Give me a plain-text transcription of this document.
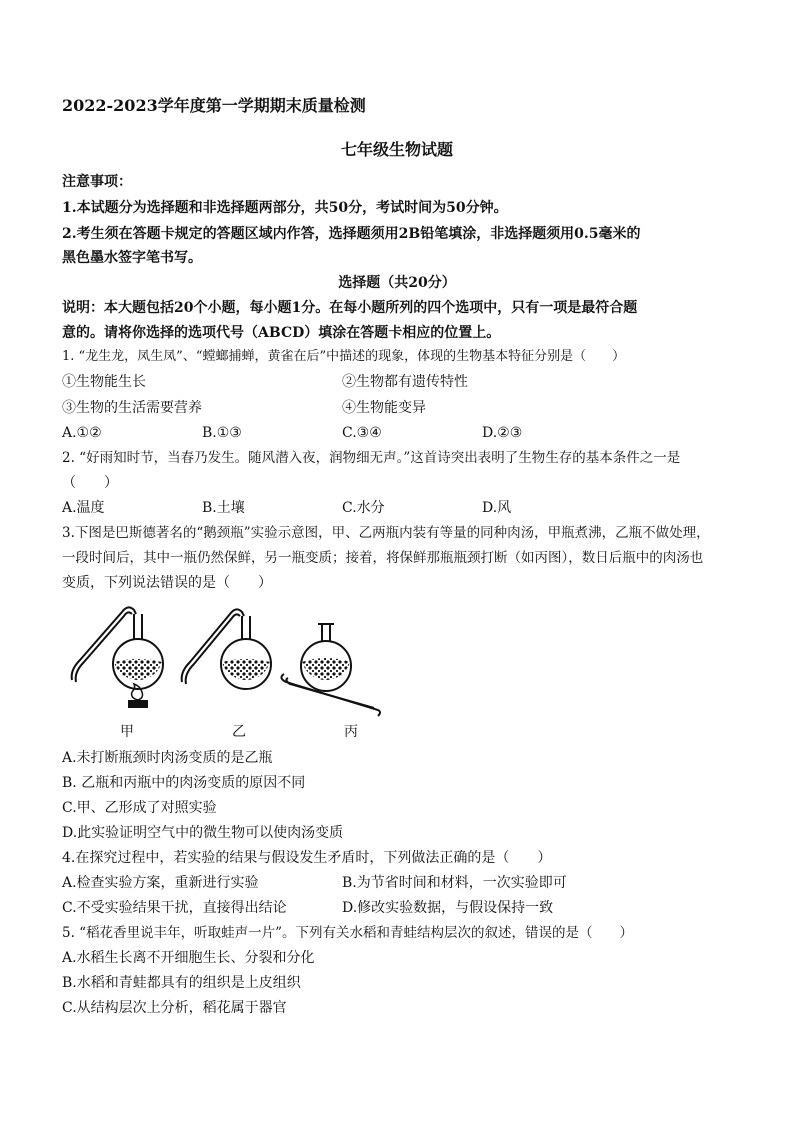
2022-2023学年度第一学期期末质量检测
七年级生物试题
注意事项：
1.本试题分为选择题和非选择题两部分，共50分，考试时间为50分钟。
2.考生须在答题卡规定的答题区域内作答，选择题须用2B铅笔填涂，非选择题须用0.5毫米的
黑色墨水签字笔书写。
选择题（共20分）
说明：本大题包括20个小题，每小题1分。在每小题所列的四个选项中，只有一项是最符合题
意的。请将你选择的选项代号（ABCD）填涂在答题卡相应的位置上。
1. “龙生龙，凤生凤”、“螳螂捕蝉，黄雀在后”中描述的现象，体现的生物基本特征分别是（　　）
①生物能生长	②生物都有遗传特性
③生物的生活需要营养	④生物能变异
A.①②	B.①③	C.③④	D.②③
2. “好雨知时节，当春乃发生。随风潜入夜，润物细无声。”这首诗突出表明了生物生存的基本条件之一是
（　　）
A.温度	B.土壤	C.水分	D.风
3.下图是巴斯德著名的“鹅颈瓶”实验示意图，甲、乙两瓶内装有等量的同种肉汤，甲瓶煮沸，乙瓶不做处理，
一段时间后，其中一瓶仍然保鲜，另一瓶变质；接着，将保鲜那瓶瓶颈打断（如丙图），数日后瓶中的肉汤也
变质，下列说法错误的是（　　）
甲	乙	丙
A.未打断瓶颈时肉汤变质的是乙瓶
B. 乙瓶和丙瓶中的肉汤变质的原因不同
C.甲、乙形成了对照实验
D.此实验证明空气中的微生物可以使肉汤变质
4.在探究过程中，若实验的结果与假设发生矛盾时，下列做法正确的是（　　）
A.检查实验方案，重新进行实验	B.为节省时间和材料，一次实验即可
C.不受实验结果干扰，直接得出结论	D.修改实验数据，与假设保持一致
5. “稻花香里说丰年，听取蛙声一片”。下列有关水稻和青蛙结构层次的叙述，错误的是（　　）
A.水稻生长离不开细胞生长、分裂和分化
B.水稻和青蛙都具有的组织是上皮组织
C.从结构层次上分析，稻花属于器官
